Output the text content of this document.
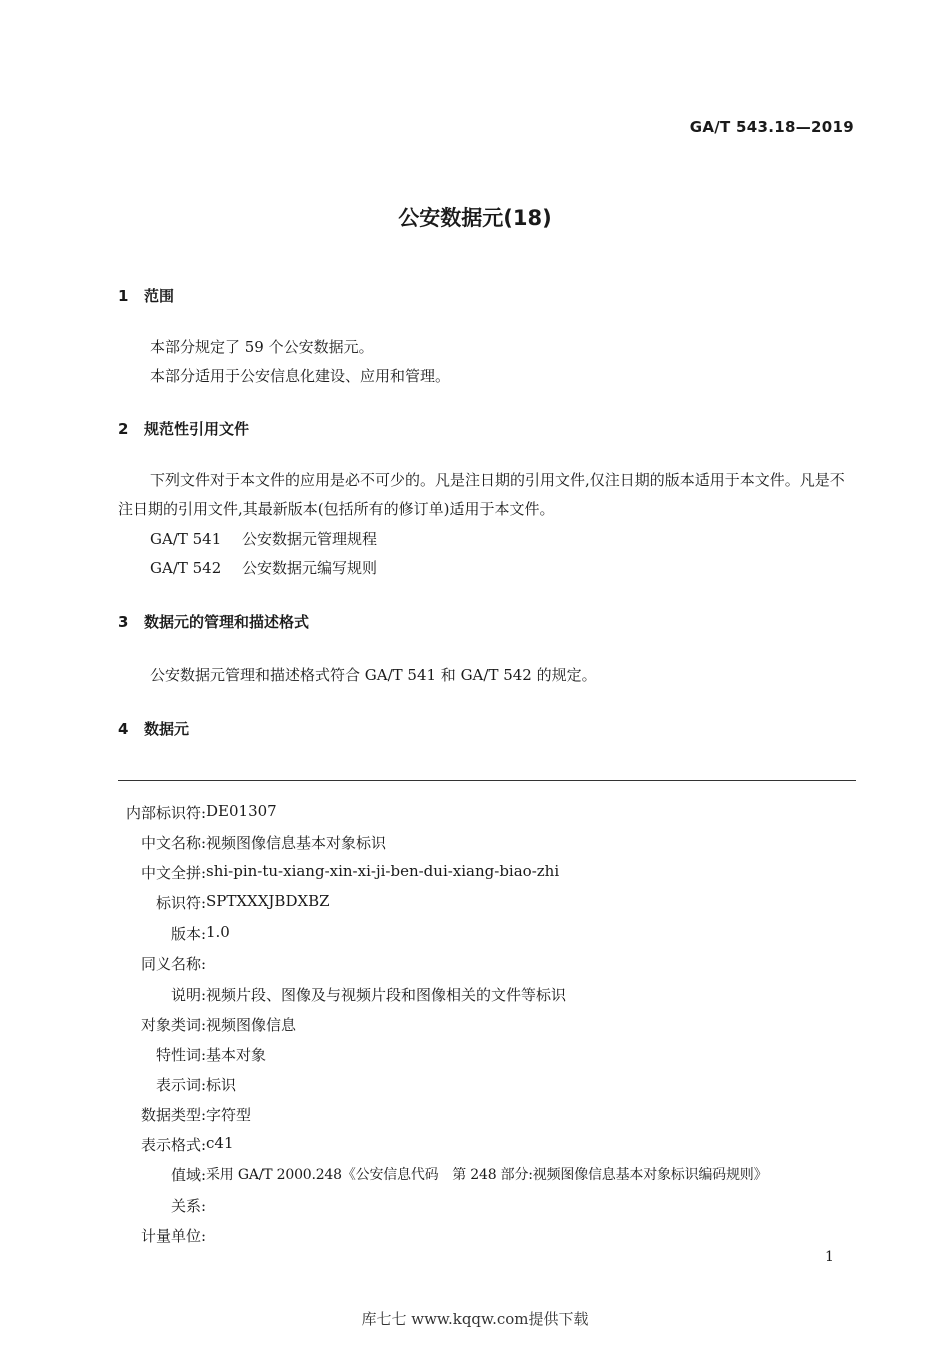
GA/T 543.18—2019
公安数据元(18)
1 范围
本部分规定了 59 个公安数据元。
本部分适用于公安信息化建设、应用和管理。
2 规范性引用文件
下列文件对于本文件的应用是必不可少的。凡是注日期的引用文件,仅注日期的版本适用于本文件。凡是不注日期的引用文件,其最新版本(包括所有的修订单)适用于本文件。
GA/T 541 公安数据元管理规程
GA/T 542 公安数据元编写规则
3 数据元的管理和描述格式
公安数据元管理和描述格式符合 GA/T 541 和 GA/T 542 的规定。
4 数据元
内部标识符: DE01307
中文名称: 视频图像信息基本对象标识
中文全拼: shi-pin-tu-xiang-xin-xi-ji-ben-dui-xiang-biao-zhi
标识符: SPTXXXJBDXBZ
版本: 1.0
同义名称:
说明: 视频片段、图像及与视频片段和图像相关的文件等标识
对象类词: 视频图像信息
特性词: 基本对象
表示词: 标识
数据类型: 字符型
表示格式: c41
值域: 采用 GA/T 2000.248《公安信息代码　第 248 部分:视频图像信息基本对象标识编码规则》
关系:
计量单位:
1
库七七 www.kqqw.com提供下载
